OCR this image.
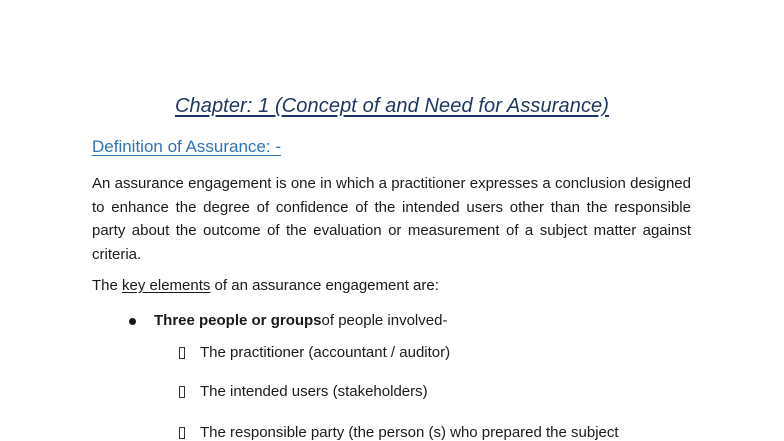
Chapter: 1 (Concept of and Need for Assurance)
Definition of Assurance: -
An assurance engagement is one in which a practitioner expresses a conclusion designed to enhance the degree of confidence of the intended users other than the responsible party about the outcome of the evaluation or measurement of a subject matter against criteria.
The key elements of an assurance engagement are:
Three people or groups of people involved-
The practitioner (accountant / auditor)
The intended users (stakeholders)
The responsible party (the person (s) who prepared the subject
